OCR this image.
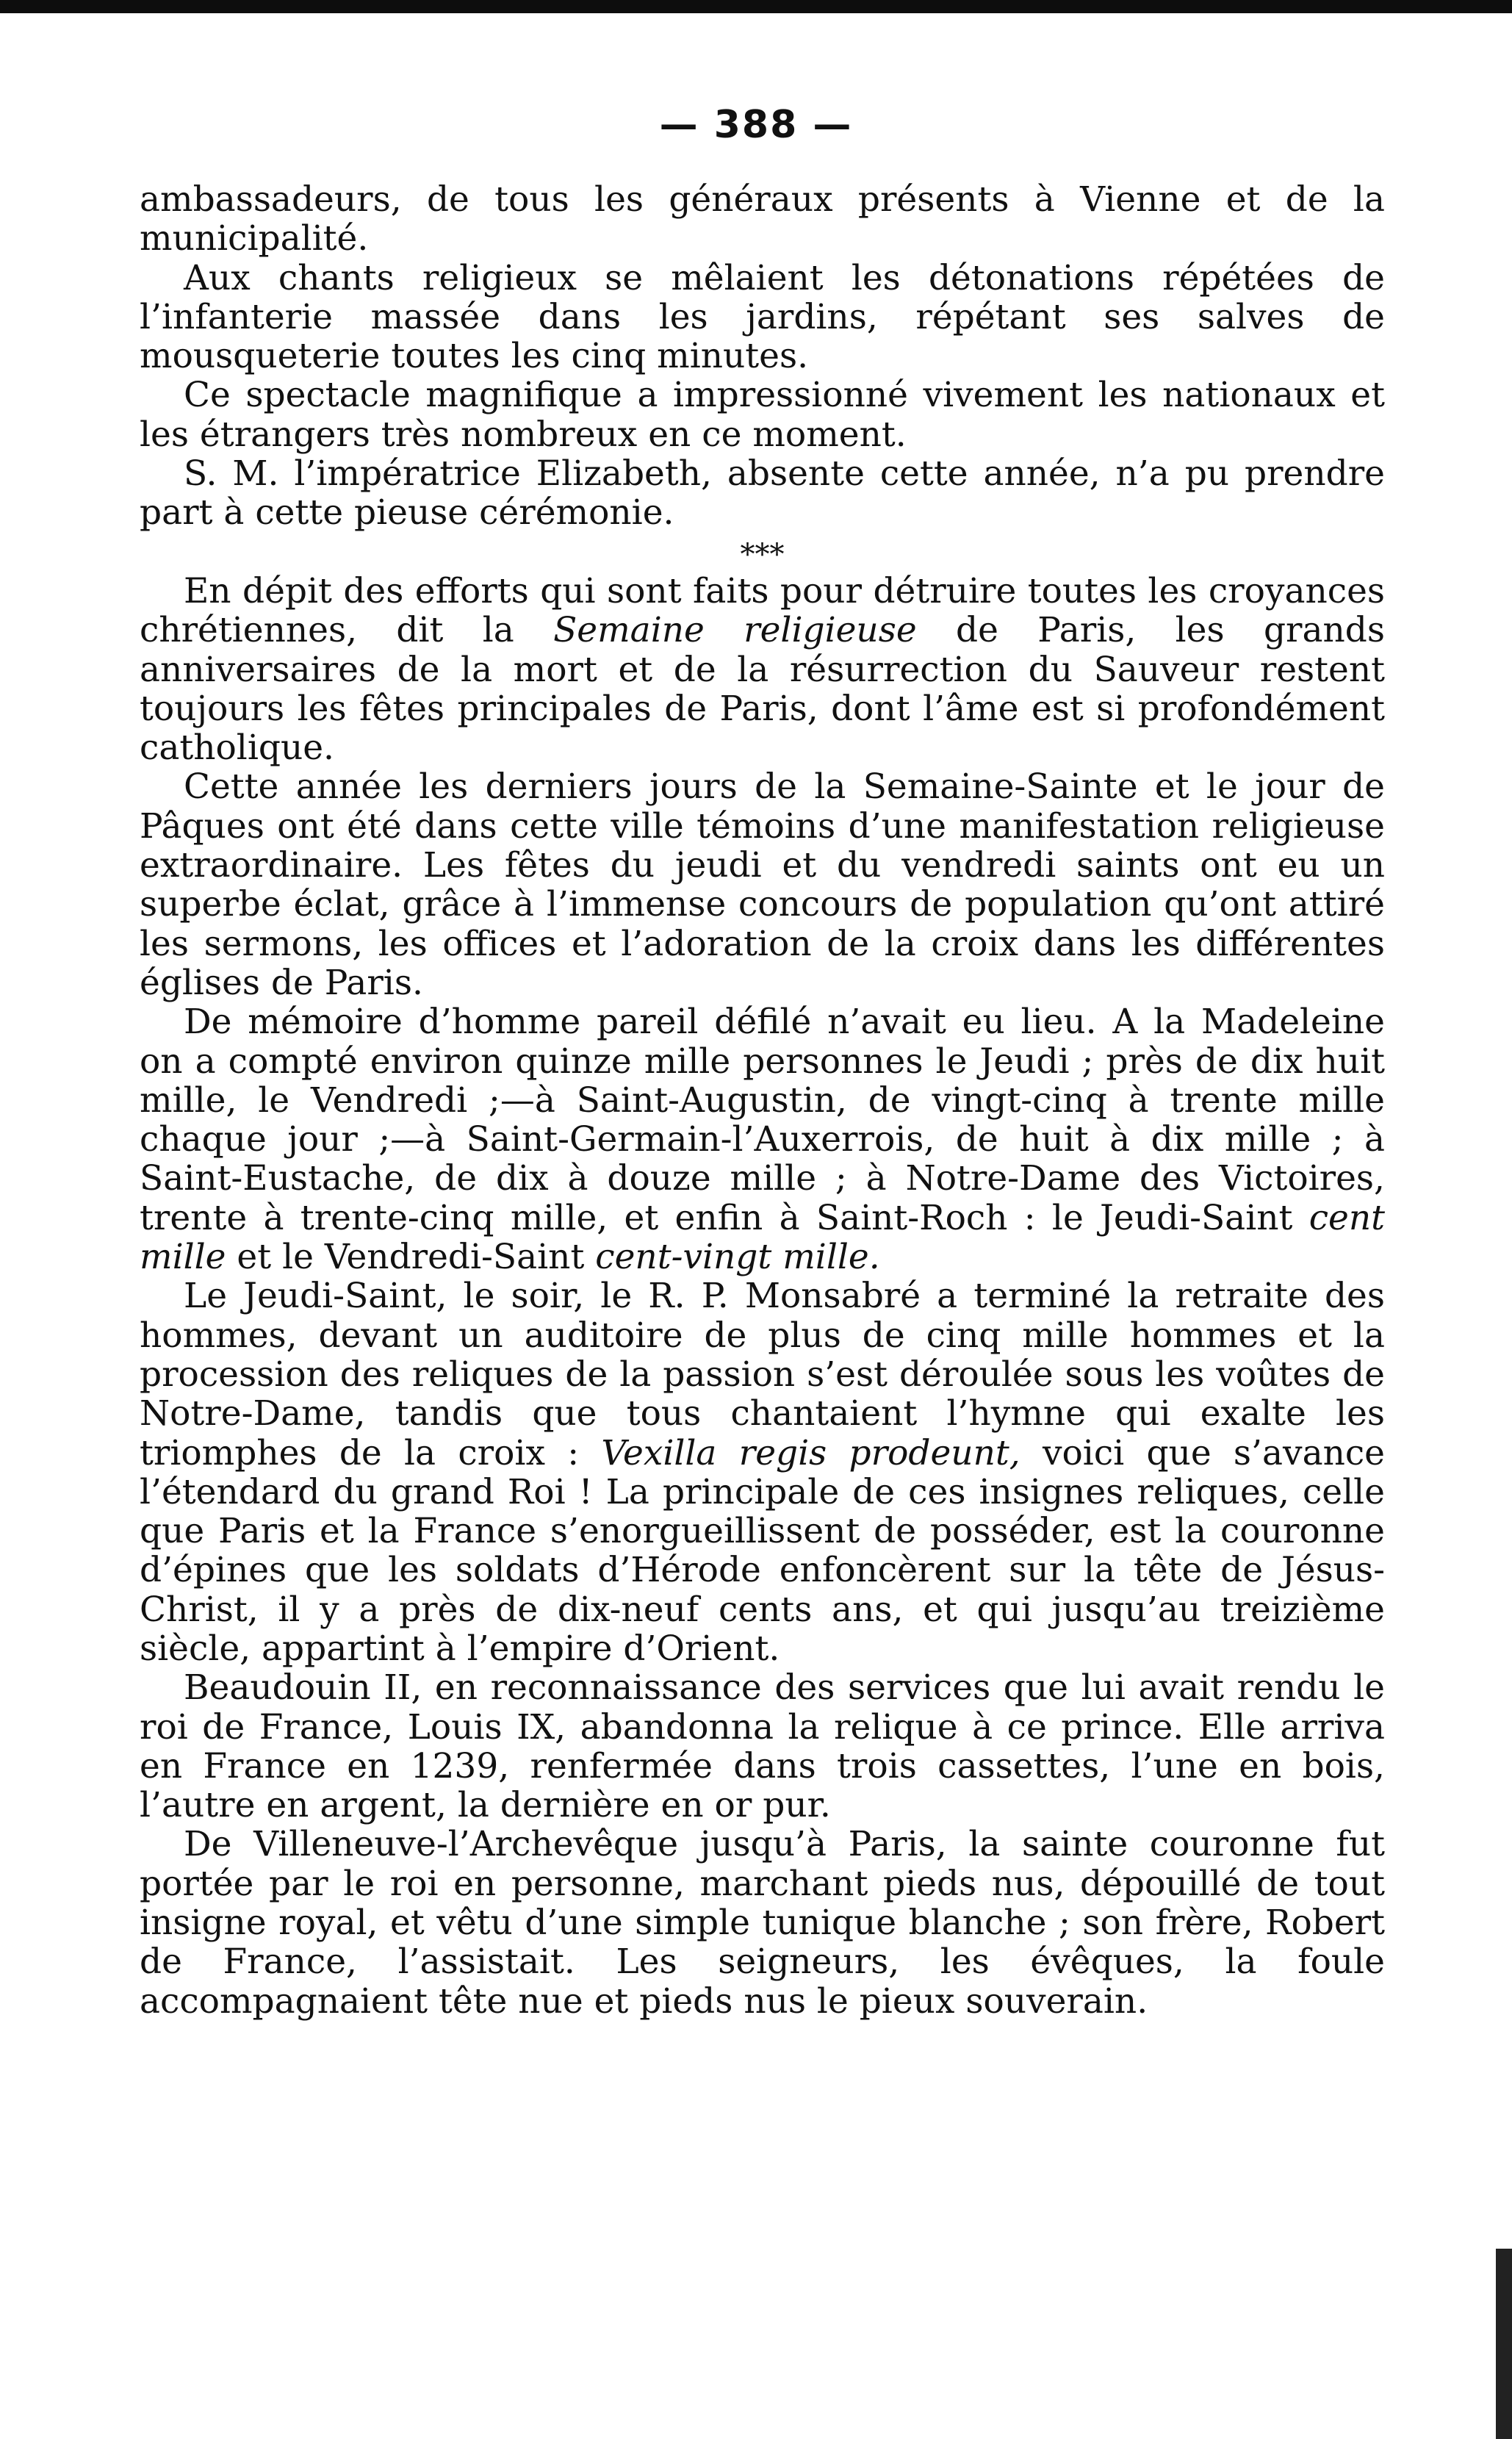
— 388 —

ambassadeurs, de tous les généraux présents à Vienne et de la municipalité.

Aux chants religieux se mêlaient les détonations répétées de l’infanterie massée dans les jardins, répétant ses salves de mousqueterie toutes les cinq minutes.

Ce spectacle magnifique a impressionné vivement les nationaux et les étrangers très nombreux en ce moment.

S. M. l’impératrice Elizabeth, absente cette année, n’a pu prendre part à cette pieuse cérémonie.

***

En dépit des efforts qui sont faits pour détruire toutes les croyances chrétiennes, dit la Semaine religieuse de Paris, les grands anniversaires de la mort et de la résurrection du Sauveur restent toujours les fêtes principales de Paris, dont l’âme est si profondément catholique.

Cette année les derniers jours de la Semaine-Sainte et le jour de Pâques ont été dans cette ville témoins d’une manifestation religieuse extraordinaire. Les fêtes du jeudi et du vendredi saints ont eu un superbe éclat, grâce à l’immense concours de population qu’ont attiré les sermons, les offices et l’adoration de la croix dans les différentes églises de Paris.

De mémoire d’homme pareil défilé n’avait eu lieu. A la Madeleine on a compté environ quinze mille personnes le Jeudi ; près de dix huit mille, le Vendredi ;—à Saint-Augustin, de vingt-cinq à trente mille chaque jour ;—à Saint-Germain-l’Auxerrois, de huit à dix mille ; à Saint-Eustache, de dix à douze mille ; à Notre-Dame des Victoires, trente à trente-cinq mille, et enfin à Saint-Roch : le Jeudi-Saint cent mille et le Vendredi-Saint cent-vingt mille.

Le Jeudi-Saint, le soir, le R. P. Monsabré a terminé la retraite des hommes, devant un auditoire de plus de cinq mille hommes et la procession des reliques de la passion s’est déroulée sous les voûtes de Notre-Dame, tandis que tous chantaient l’hymne qui exalte les triomphes de la croix : Vexilla regis prodeunt, voici que s’avance l’étendard du grand Roi ! La principale de ces insignes reliques, celle que Paris et la France s’enorgueillissent de posséder, est la couronne d’épines que les soldats d’Hérode enfoncèrent sur la tête de Jésus-Christ, il y a près de dix-neuf cents ans, et qui jusqu’au treizième siècle, appartint à l’empire d’Orient.

Beaudouin II, en reconnaissance des services que lui avait rendu le roi de France, Louis IX, abandonna la relique à ce prince. Elle arriva en France en 1239, renfermée dans trois cassettes, l’une en bois, l’autre en argent, la dernière en or pur.

De Villeneuve-l’Archevêque jusqu’à Paris, la sainte couronne fut portée par le roi en personne, marchant pieds nus, dépouillé de tout insigne royal, et vêtu d’une simple tunique blanche ; son frère, Robert de France, l’assistait. Les seigneurs, les évêques, la foule accompagnaient tête nue et pieds nus le pieux souverain.
